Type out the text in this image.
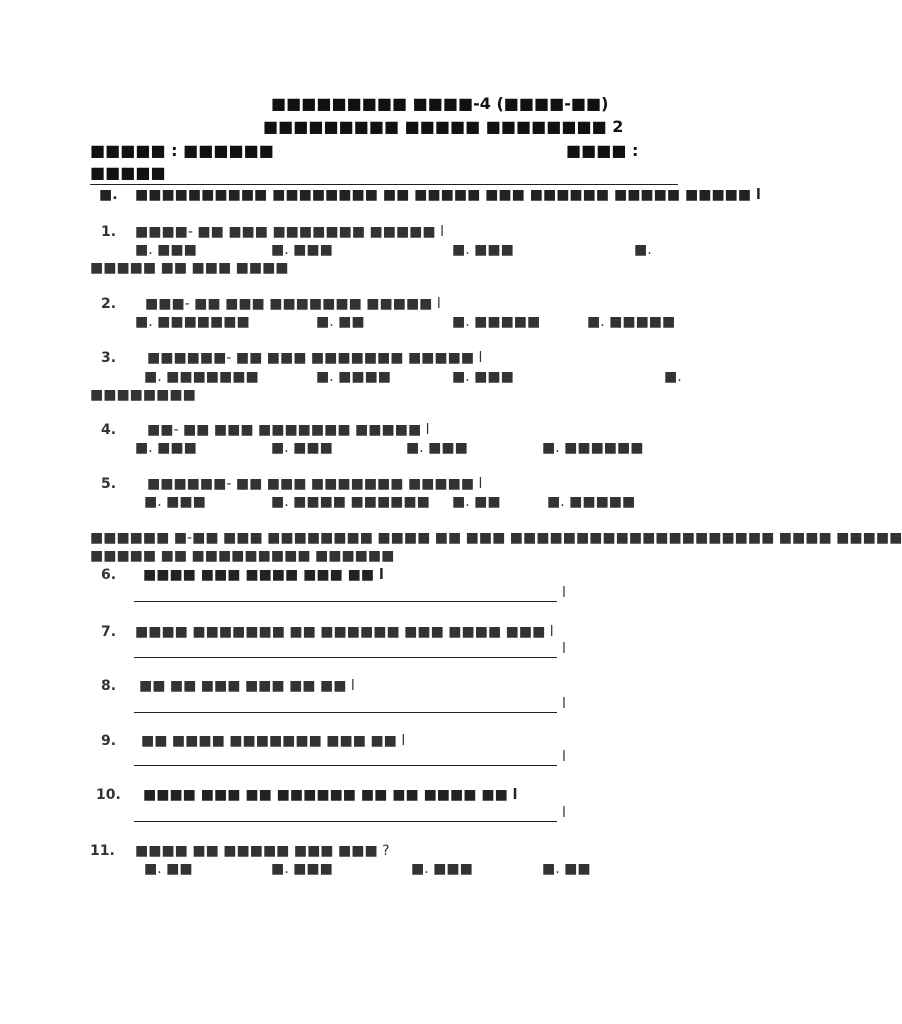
■■■■■■■■■ ■■■■-4 (■■■■-■■)
■■■■■■■■■ ■■■■■ ■■■■■■■■ 2
■■■■■ : ■■■■■■	■■■■ :
■■■■■
■. ■■■■■■■■■■ ■■■■■■■■ ■■ ■■■■■ ■■■ ■■■■■■ ■■■■■ ■■■■■ l
1. ■■■■- ■■ ■■■ ■■■■■■■ ■■■■■ l
■. ■■■	■. ■■■	■. ■■■	■.
■■■■■ ■■ ■■■ ■■■■
2. ■■■- ■■ ■■■ ■■■■■■■ ■■■■■ l
■. ■■■■■■■	■. ■■	■. ■■■■■	■. ■■■■■
3. ■■■■■■- ■■ ■■■ ■■■■■■■ ■■■■■ l
■. ■■■■■■■	■. ■■■■	■. ■■■	■.
■■■■■■■■
4. ■■- ■■ ■■■ ■■■■■■■ ■■■■■ l
■. ■■■	■. ■■■	■. ■■■	■. ■■■■■■
5. ■■■■■■- ■■ ■■■ ■■■■■■■ ■■■■■ l
■. ■■■	■. ■■■■ ■■■■■■ ■. ■■	■. ■■■■■
■■■■■■ ■-■■ ■■■ ■■■■■■■■ ■■■■ ■■ ■■■ ■■■■■■■■■■■■■■■■■■■■ ■■■■ ■■■■■
■■■■■ ■■ ■■■■■■■■■ ■■■■■■
6. ■■■■ ■■■ ■■■■ ■■■ ■■ l
l
7. ■■■■ ■■■■■■■ ■■ ■■■■■■ ■■■ ■■■■ ■■■ l
l
8. ■■ ■■ ■■■ ■■■ ■■ ■■ l
l
9. ■■ ■■■■ ■■■■■■■ ■■■ ■■ l
l
10. ■■■■ ■■■ ■■ ■■■■■■ ■■ ■■ ■■■■ ■■ l
l
11. ■■■■ ■■ ■■■■■ ■■■ ■■■ ?
■. ■■	■. ■■■	■. ■■■	■. ■■
